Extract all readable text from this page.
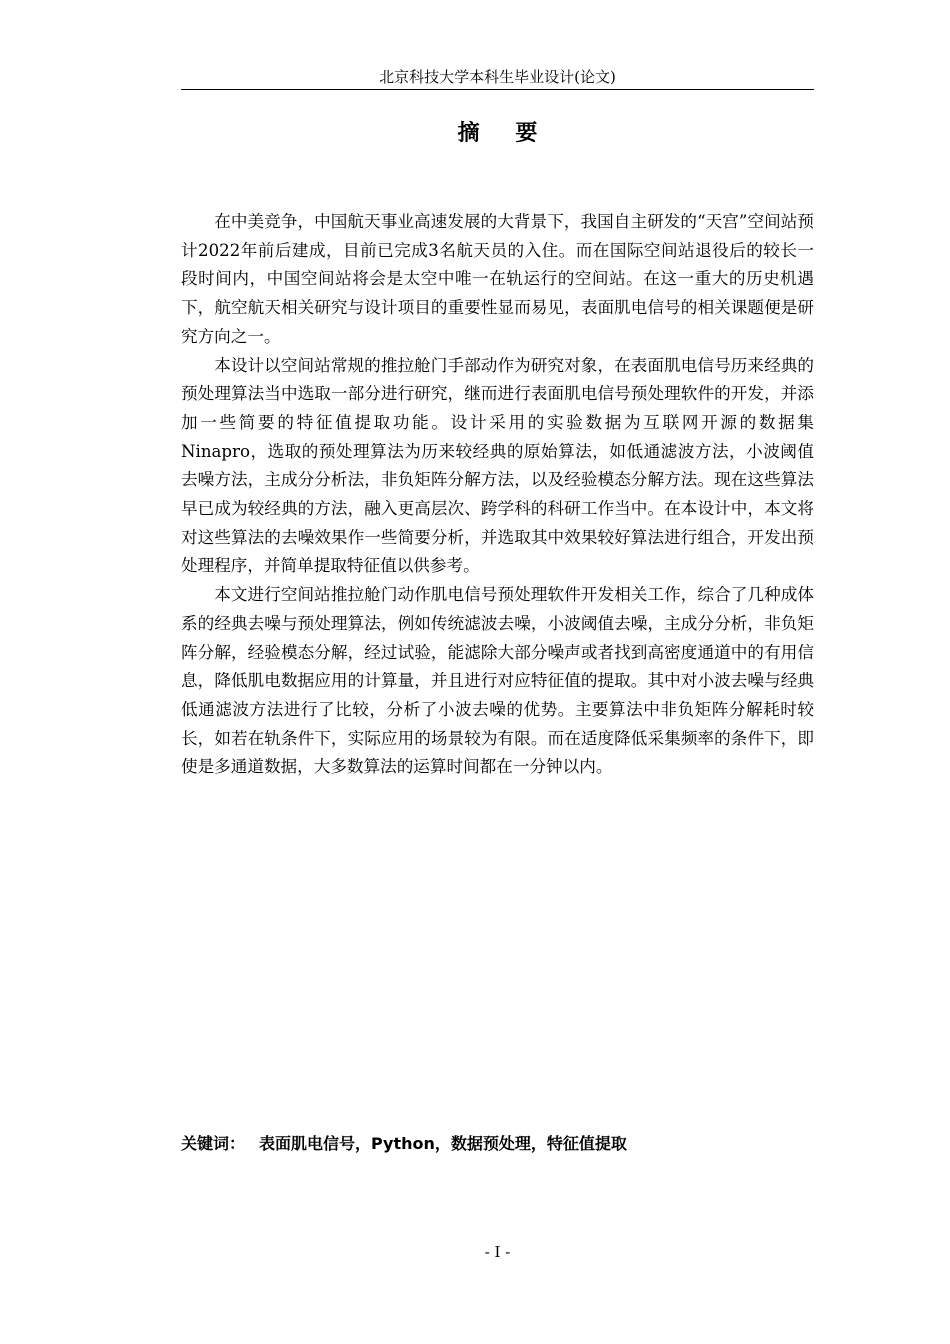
北京科技大学本科生毕业设计(论文)
摘 要

在中美竞争，中国航天事业高速发展的大背景下，我国自主研发的“天宫”空间站预计2022年前后建成，目前已完成3名航天员的入住。而在国际空间站退役后的较长一段时间内，中国空间站将会是太空中唯一在轨运行的空间站。在这一重大的历史机遇下，航空航天相关研究与设计项目的重要性显而易见，表面肌电信号的相关课题便是研究方向之一。

本设计以空间站常规的推拉舱门手部动作为研究对象，在表面肌电信号历来经典的预处理算法当中选取一部分进行研究，继而进行表面肌电信号预处理软件的开发，并添加一些简要的特征值提取功能。设计采用的实验数据为互联网开源的数据集Ninapro，选取的预处理算法为历来较经典的原始算法，如低通滤波方法，小波阈值去噪方法，主成分分析法，非负矩阵分解方法，以及经验模态分解方法。现在这些算法早已成为较经典的方法，融入更高层次、跨学科的科研工作当中。在本设计中，本文将对这些算法的去噪效果作一些简要分析，并选取其中效果较好算法进行组合，开发出预处理程序，并简单提取特征值以供参考。

本文进行空间站推拉舱门动作肌电信号预处理软件开发相关工作，综合了几种成体系的经典去噪与预处理算法，例如传统滤波去噪，小波阈值去噪，主成分分析，非负矩阵分解，经验模态分解，经过试验，能滤除大部分噪声或者找到高密度通道中的有用信息，降低肌电数据应用的计算量，并且进行对应特征值的提取。其中对小波去噪与经典低通滤波方法进行了比较，分析了小波去噪的优势。主要算法中非负矩阵分解耗时较长，如若在轨条件下，实际应用的场景较为有限。而在适度降低采集频率的条件下，即使是多通道数据，大多数算法的运算时间都在一分钟以内。

关键词： 表面肌电信号，Python，数据预处理，特征值提取
- I -
